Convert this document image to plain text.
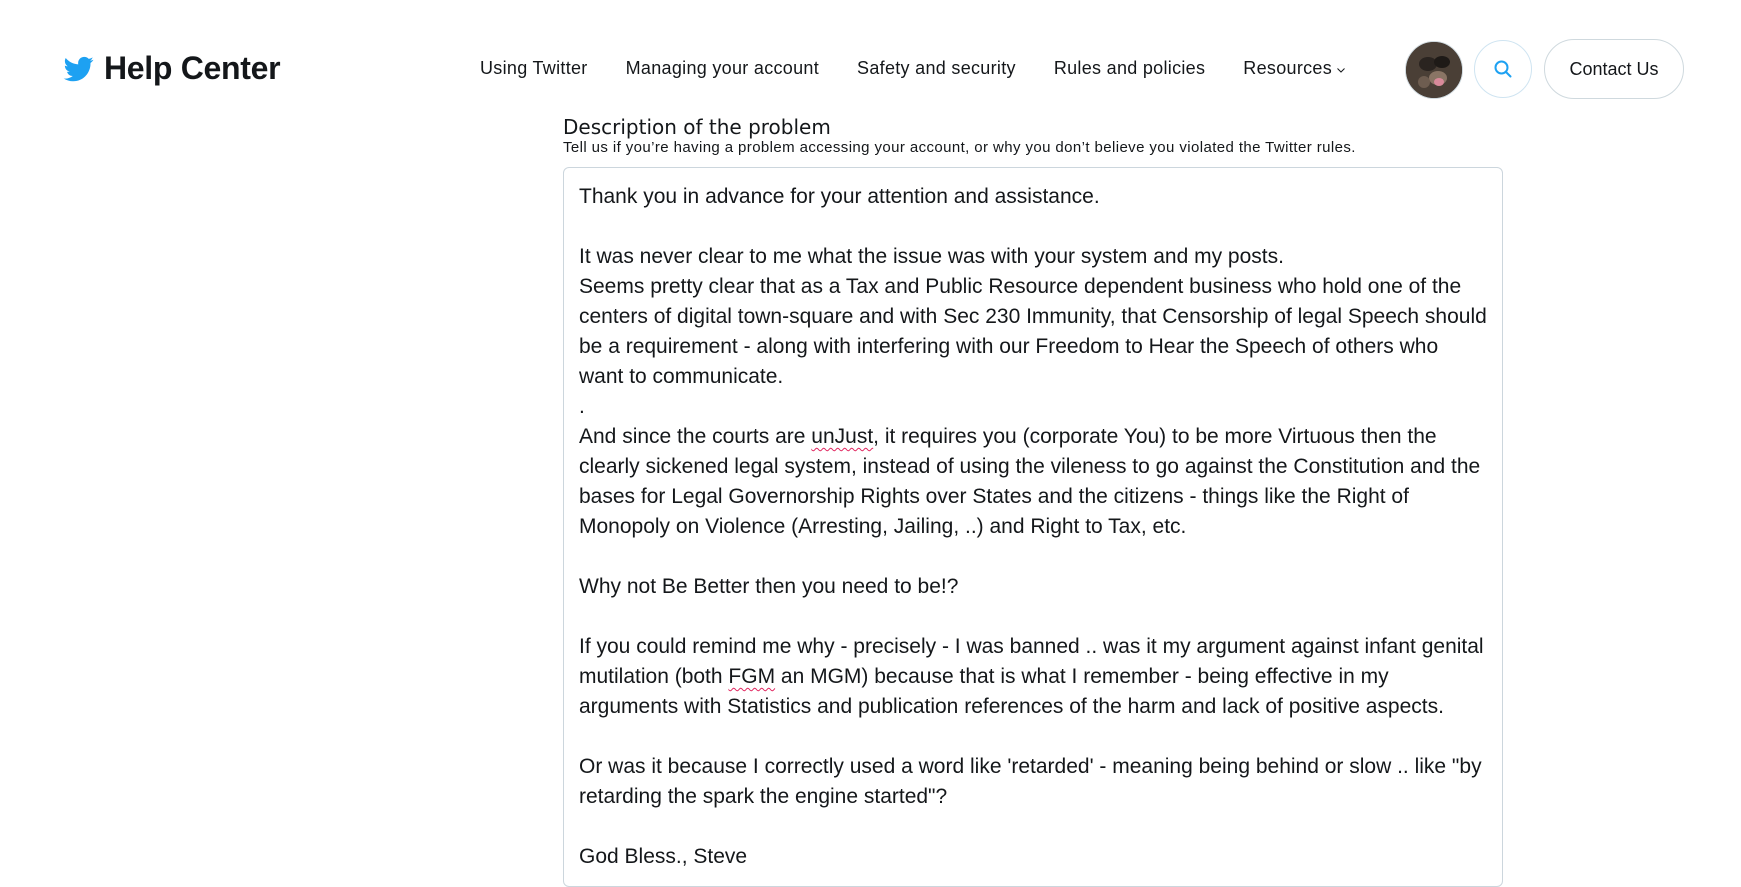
Help Center	Using Twitter Managing your account Safety and security Rules and policies Resources	Contact Us
Description of the problem
Tell us if you’re having a problem accessing your account, or why you don’t believe you violated the Twitter rules.

Thank you in advance for your attention and assistance.

It was never clear to me what the issue was with your system and my posts.

Seems pretty clear that as a Tax and Public Resource dependent business who hold one of the centers of digital town-square and with Sec 230 Immunity, that Censorship of legal Speech should be a requirement - along with interfering with our Freedom to Hear the Speech of others who want to communicate.

.

And since the courts are unJust, it requires you (corporate You) to be more Virtuous then the clearly sickened legal system, instead of using the vileness to go against the Constitution and the bases for Legal Governorship Rights over States and the citizens - things like the Right of Monopoly on Violence (Arresting, Jailing, ..) and Right to Tax, etc.

Why not Be Better then you need to be!?

If you could remind me why - precisely - I was banned .. was it my argument against infant genital mutilation (both FGM an MGM) because that is what I remember - being effective in my arguments with Statistics and publication references of the harm and lack of positive aspects.

Or was it because I correctly used a word like 'retarded' - meaning being behind or slow .. like "by retarding the spark the engine started"?

God Bless., Steve
